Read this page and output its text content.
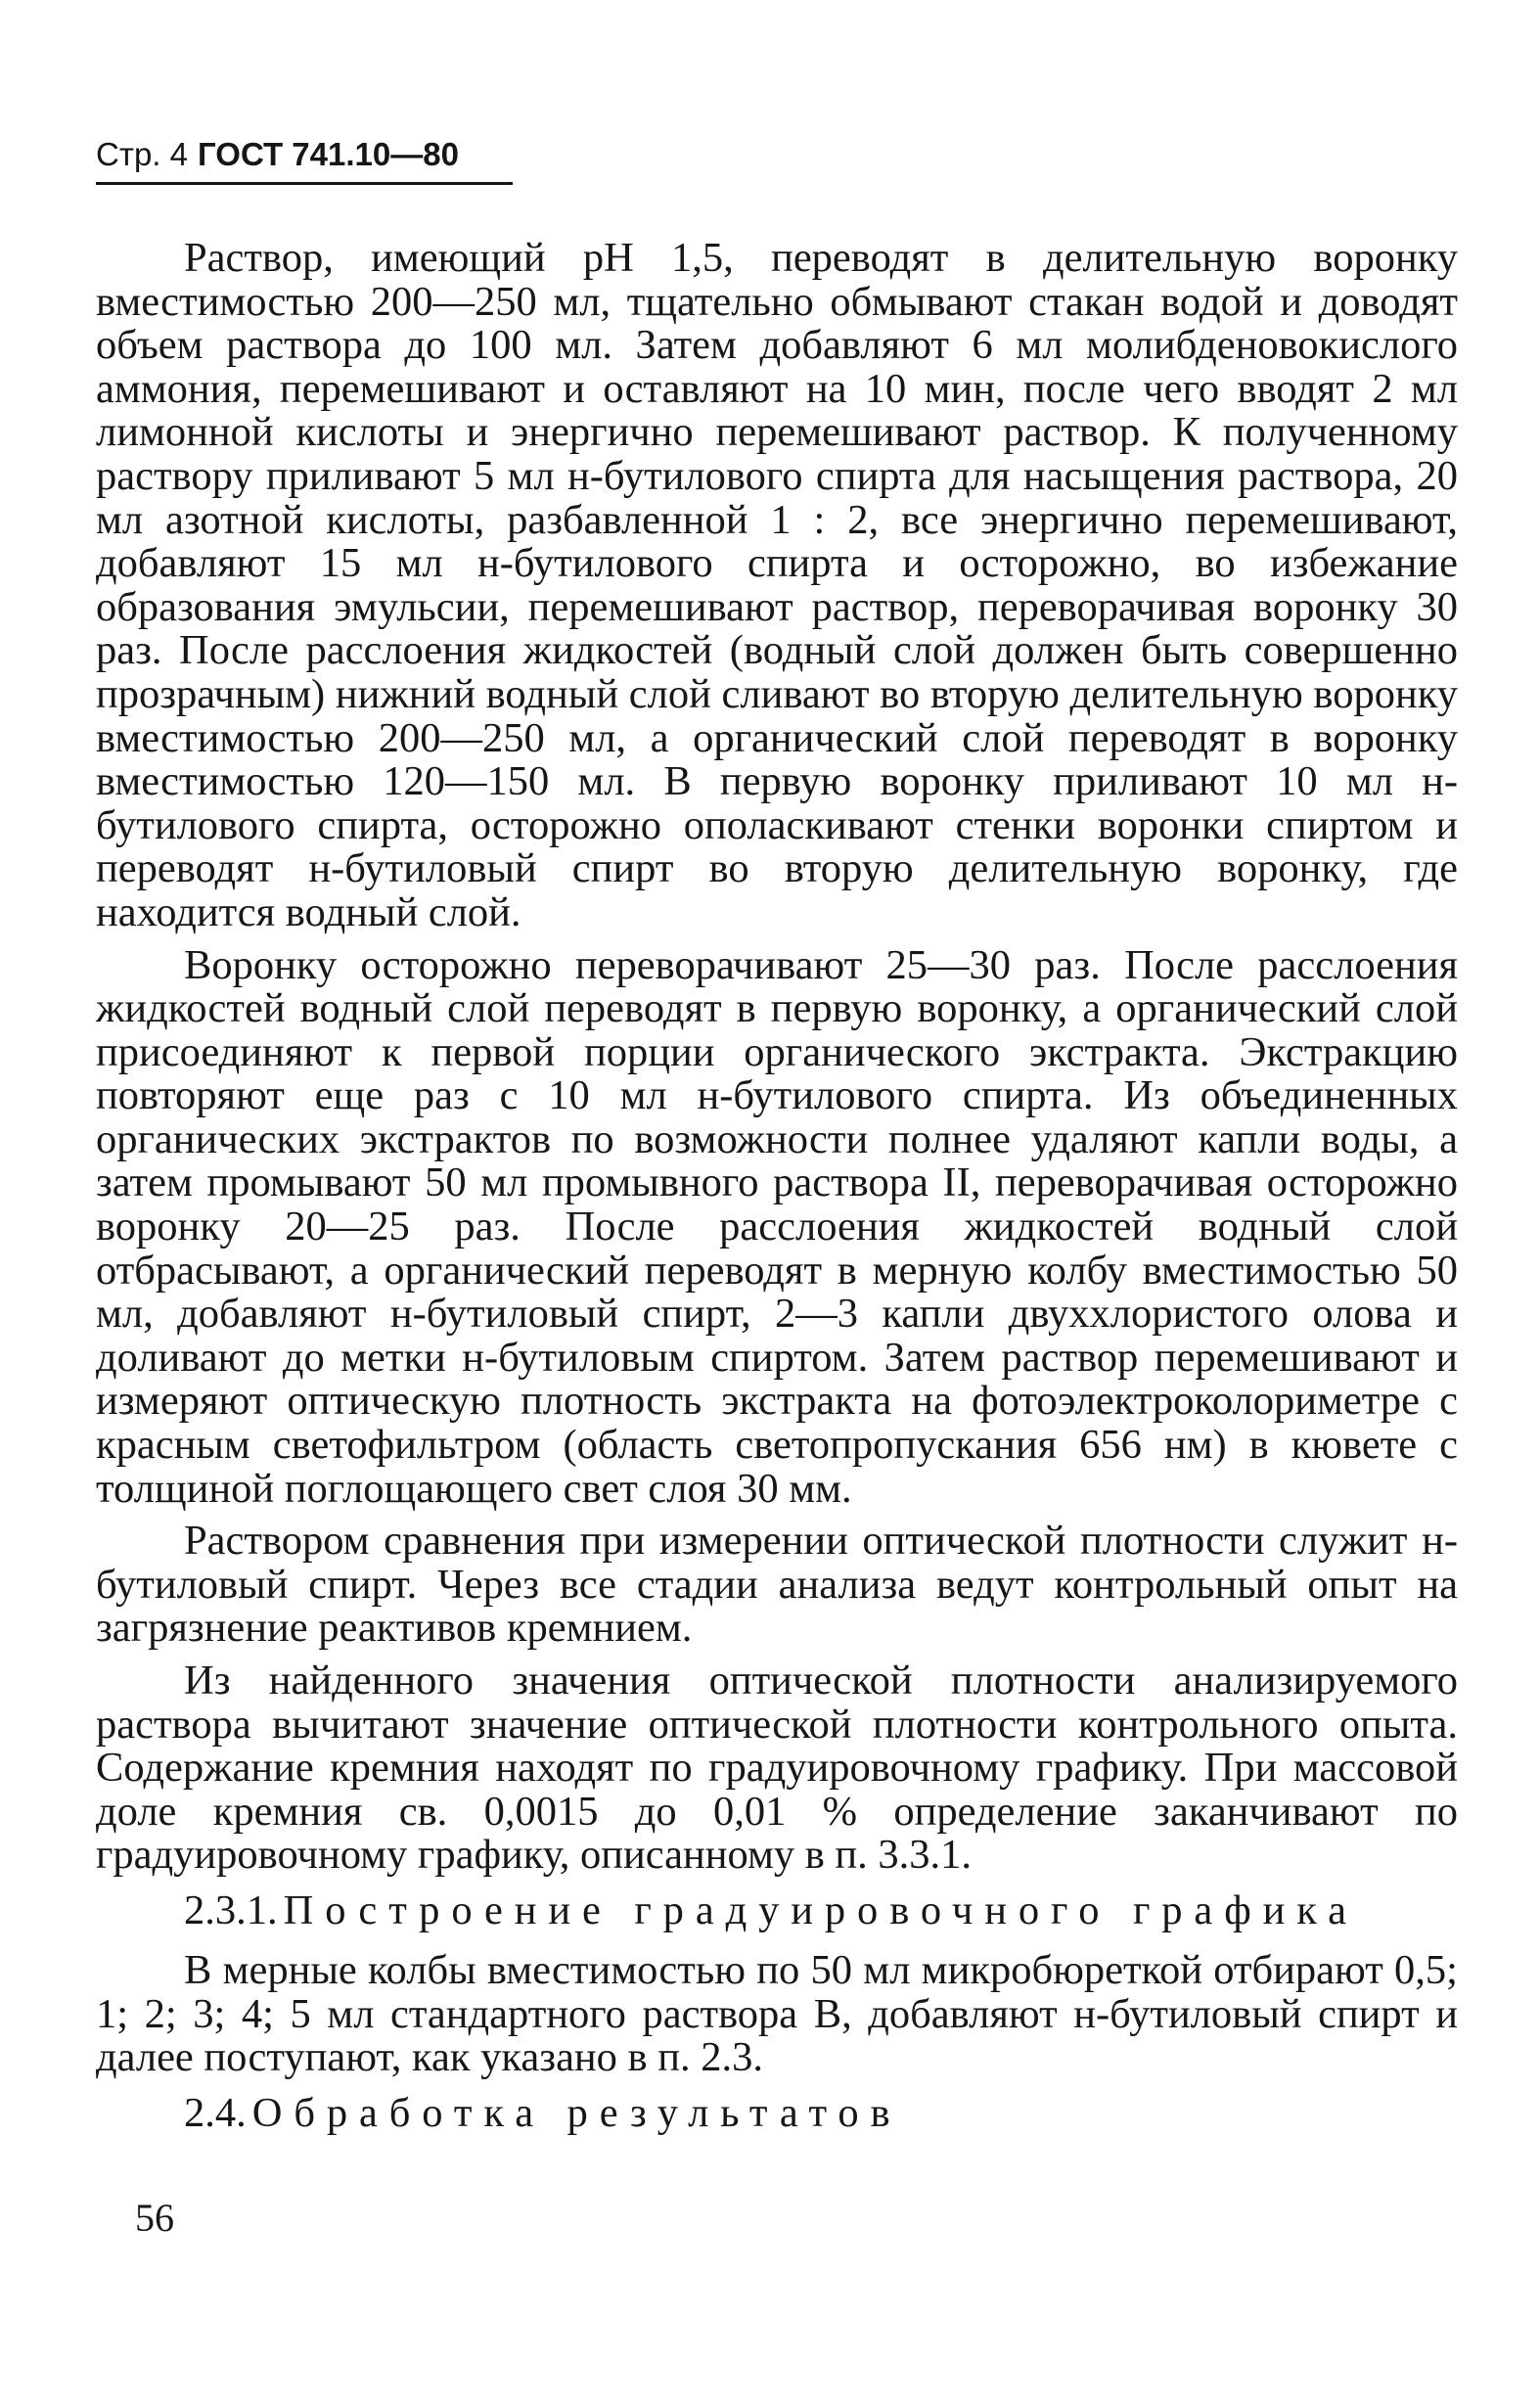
Стр. 4 ГОСТ 741.10—80

Раствор, имеющий pH 1,5, переводят в делительную воронку вместимостью 200—250 мл, тщательно обмывают стакан водой и доводят объем раствора до 100 мл. Затем добавляют 6 мл молибденовокислого аммония, перемешивают и оставляют на 10 мин, после чего вводят 2 мл лимонной кислоты и энергично перемешивают раствор. К полученному раствору приливают 5 мл н-бутилового спирта для насыщения раствора, 20 мл азотной кислоты, разбавленной 1 : 2, все энергично перемешивают, добавляют 15 мл н-бутилового спирта и осторожно, во избежание образования эмульсии, перемешивают раствор, переворачивая воронку 30 раз. После расслоения жидкостей (водный слой должен быть совершенно прозрачным) нижний водный слой сливают во вторую делительную воронку вместимостью 200—250 мл, а органический слой переводят в воронку вместимостью 120—150 мл. В первую воронку приливают 10 мл н-бутилового спирта, осторожно ополаскивают стенки воронки спиртом и переводят н-бутиловый спирт во вторую делительную воронку, где находится водный слой.

Воронку осторожно переворачивают 25—30 раз. После расслоения жидкостей водный слой переводят в первую воронку, а органический слой присоединяют к первой порции органического экстракта. Экстракцию повторяют еще раз с 10 мл н-бутилового спирта. Из объединенных органических экстрактов по возможности полнее удаляют капли воды, а затем промывают 50 мл промывного раствора II, переворачивая осторожно воронку 20—25 раз. После расслоения жидкостей водный слой отбрасывают, а органический переводят в мерную колбу вместимостью 50 мл, добавляют н-бутиловый спирт, 2—3 капли двуххлористого олова и доливают до метки н-бутиловым спиртом. Затем раствор перемешивают и измеряют оптическую плотность экстракта на фотоэлектроколориметре с красным светофильтром (область светопропускания 656 нм) в кювете с толщиной поглощающего свет слоя 30 мм.

Раствором сравнения при измерении оптической плотности служит н-бутиловый спирт. Через все стадии анализа ведут контрольный опыт на загрязнение реактивов кремнием.

Из найденного значения оптической плотности анализируемого раствора вычитают значение оптической плотности контрольного опыта. Содержание кремния находят по градуировочному графику. При массовой доле кремния св. 0,0015 до 0,01 % определение заканчивают по градуировочному графику, описанному в п. 3.3.1.

2.3.1. Построение градуировочного графика

В мерные колбы вместимостью по 50 мл микробюреткой отбирают 0,5; 1; 2; 3; 4; 5 мл стандартного раствора В, добавляют н-бутиловый спирт и далее поступают, как указано в п. 2.3.

2.4. Обработка результатов
56
